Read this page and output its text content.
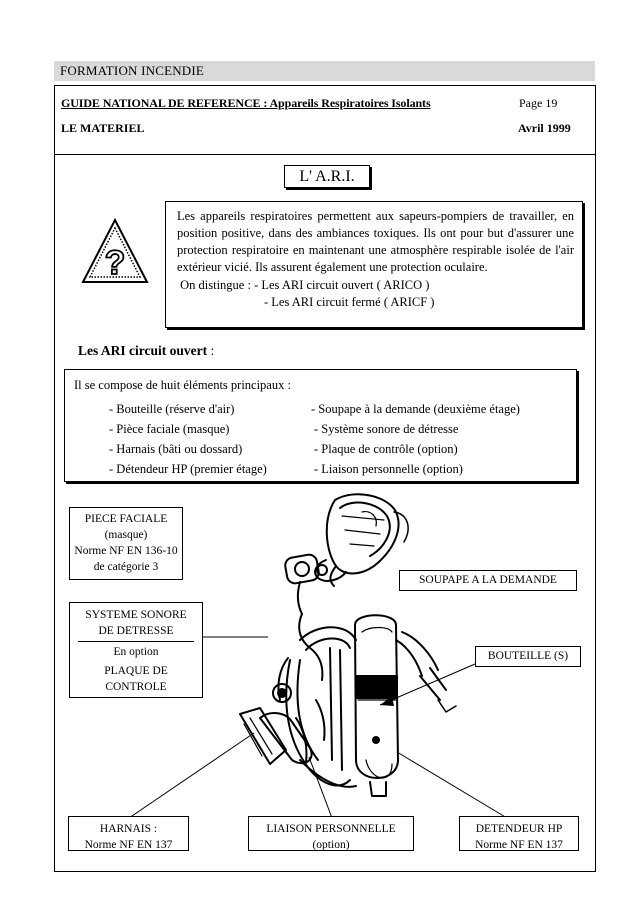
FORMATION INCENDIE
GUIDE NATIONAL DE REFERENCE : Appareils Respiratoires Isolants	Page 19
LE MATERIEL	Avril 1999
L' A.R.I.
?

Les appareils respiratoires permettent aux sapeurs-pompiers de travailler, en position positive, dans des ambiances toxiques. Ils ont pour but d'assurer une protection respiratoire en maintenant une atmosphère respirable isolée de l'air extérieur vicié. Ils assurent également une protection oculaire.

On distingue : - Les ARI circuit ouvert ( ARICO )
- Les ARI circuit fermé ( ARICF )
Les ARI circuit ouvert :
Il se compose de huit éléments principaux :
- Bouteille (réserve d'air)
- Pièce faciale (masque)
- Harnais (bâti ou dossard)
- Détendeur HP (premier étage)
- Soupape à la demande (deuxième étage)
- Système sonore de détresse
- Plaque de contrôle (option)
- Liaison personnelle (option)
PIECE FACIALE
(masque)
Norme NF EN 136-10
de catégorie 3
SOUPAPE A LA DEMANDE
SYSTEME SONORE
DE DETRESSE
En option
PLAQUE DE
CONTROLE
BOUTEILLE (S)
HARNAIS :
Norme NF EN 137
LIAISON PERSONNELLE
(option)
DETENDEUR HP
Norme NF EN 137
